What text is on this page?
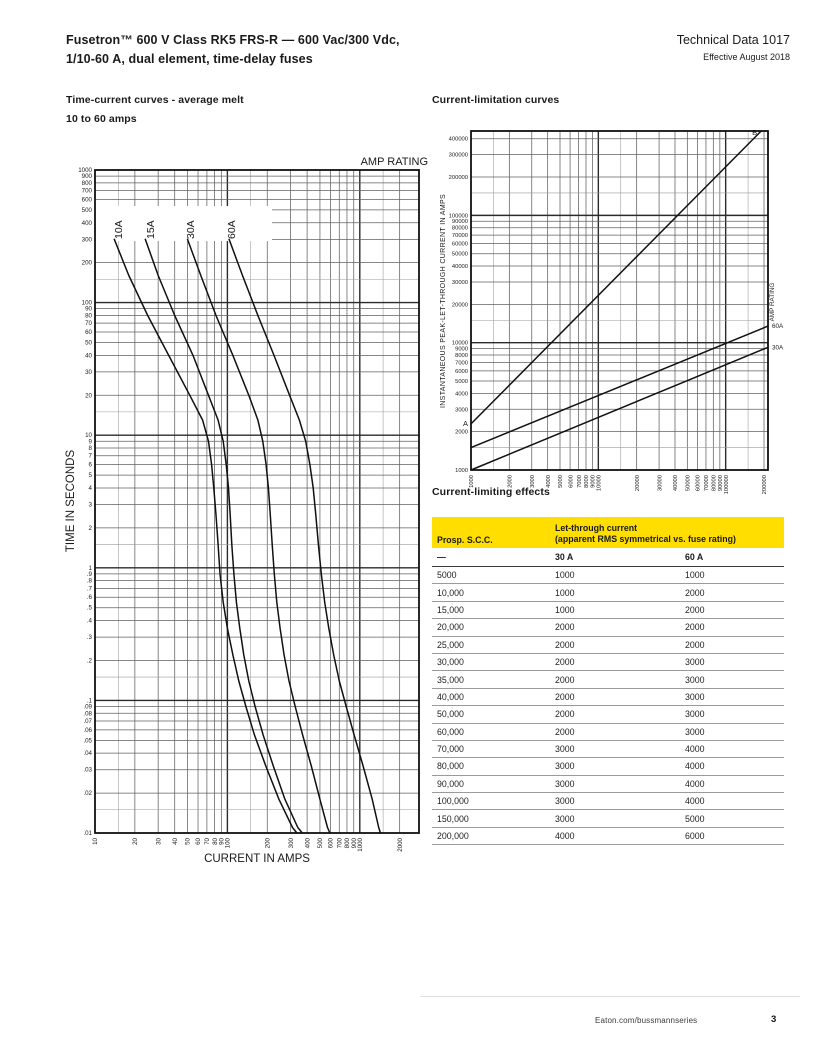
Fusetron™ 600 V Class RK5 FRS-R — 600 Vac/300 Vdc,
1/10-60 A, dual element, time-delay fuses
Technical Data 1017
Effective August 2018
Time-current curves - average melt
10 to 60 amps
Current-limitation curves
10A 15A	30A	60A
10	20	30 40 50 60 70 80 90 100	200	300 400 500 600 700 800 900 1000	2000
1000
900
800
700
600
500
400
300
200
100
90
80
70
60
50
40
30
20
10
9
8
7
6
5
4
3
2
1
.9
.8
.7
.6
.5
.4
.3
.2
.1
.09
.08
.07
.06
.05
.04
.03
.02
.01
CURRENT IN AMPS
TIME IN SECONDS
AMP RATING
A
B
60A
30A
1000	2000	3000 4000 5000 6000 7000 8000 9000 10000	20000	30000 40000 50000 60000 70000 80000 90000 100000	200000
400000
300000
200000
100000
90000
80000
70000
60000
50000
40000
30000
20000
10000
9000
8000
7000
6000
5000
4000
3000
2000
1000
INSTANTANEOUS PEAK-LET-THROUGH CURRENT IN AMPS	AMP RATING
Current-limiting effects
Prosp. S.C.C.
Let-through current
(apparent RMS symmetrical vs. fuse rating)
—	30 A	60 A
5000	1000	1000
10,000	1000	2000
15,000	1000	2000
20,000	2000	2000
25,000	2000	2000
30,000	2000	3000
35,000	2000	3000
40,000	2000	3000
50,000	2000	3000
60,000	2000	3000
70,000	3000	4000
80,000	3000	4000
90,000	3000	4000
100,000	3000	4000
150,000	3000	5000
200,000	4000	6000
Eaton.com/bussmannseries	3
